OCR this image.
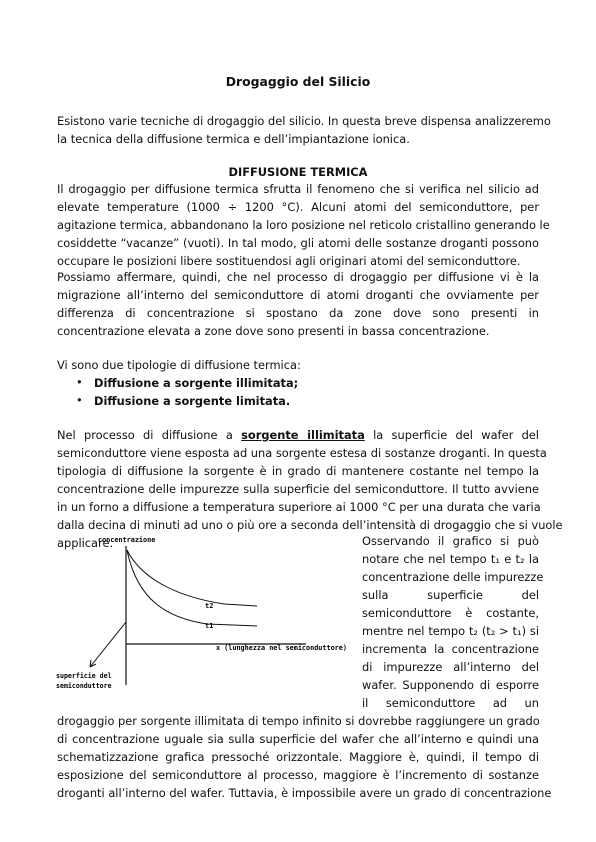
Drogaggio del Silicio
Esistono varie tecniche di drogaggio del silicio. In questa breve dispensa analizzeremo
la tecnica della diffusione termica e dell’impiantazione ionica.
DIFFUSIONE TERMICA
Il drogaggio per diffusione termica sfrutta il fenomeno che si verifica nel silicio ad
elevate temperature (1000 ÷ 1200 °C). Alcuni atomi del semiconduttore, per
agitazione termica, abbandonano la loro posizione nel reticolo cristallino generando le
cosiddette “vacanze” (vuoti). In tal modo, gli atomi delle sostanze droganti possono
occupare le posizioni libere sostituendosi agli originari atomi del semiconduttore.
Possiamo affermare, quindi, che nel processo di drogaggio per diffusione vi è la
migrazione all’interno del semiconduttore di atomi droganti che ovviamente per
differenza di concentrazione si spostano da zone dove sono presenti in
concentrazione elevata a zone dove sono presenti in bassa concentrazione.
Vi sono due tipologie di diffusione termica:
• Diffusione a sorgente illimitata;
• Diffusione a sorgente limitata.
Nel processo di diffusione a sorgente illimitata la superficie del wafer del
semiconduttore viene esposta ad una sorgente estesa di sostanze droganti. In questa
tipologia di diffusione la sorgente è in grado di mantenere costante nel tempo la
concentrazione delle impurezze sulla superficie del semiconduttore. Il tutto avviene
in un forno a diffusione a temperatura superiore ai 1000 °C per una durata che varia
dalla decina di minuti ad uno o più ore a seconda dell’intensità di drogaggio che si vuole
applicare.
concentrazione
t2
t1
x (lunghezza nel semiconduttore)
superficie del
semiconduttore
Osservando il grafico si può
notare che nel tempo t₁ e t₂ la
concentrazione delle impurezze
sulla superficie del
semiconduttore è costante,
mentre nel tempo t₂ (t₂ > t₁) si
incrementa la concentrazione
di impurezze all’interno del
wafer. Supponendo di esporre
il semiconduttore ad un
drogaggio per sorgente illimitata di tempo infinito si dovrebbe raggiungere un grado
di concentrazione uguale sia sulla superficie del wafer che all’interno e quindi una
schematizzazione grafica pressoché orizzontale. Maggiore è, quindi, il tempo di
esposizione del semiconduttore al processo, maggiore è l’incremento di sostanze
droganti all’interno del wafer. Tuttavia, è impossibile avere un grado di concentrazione
